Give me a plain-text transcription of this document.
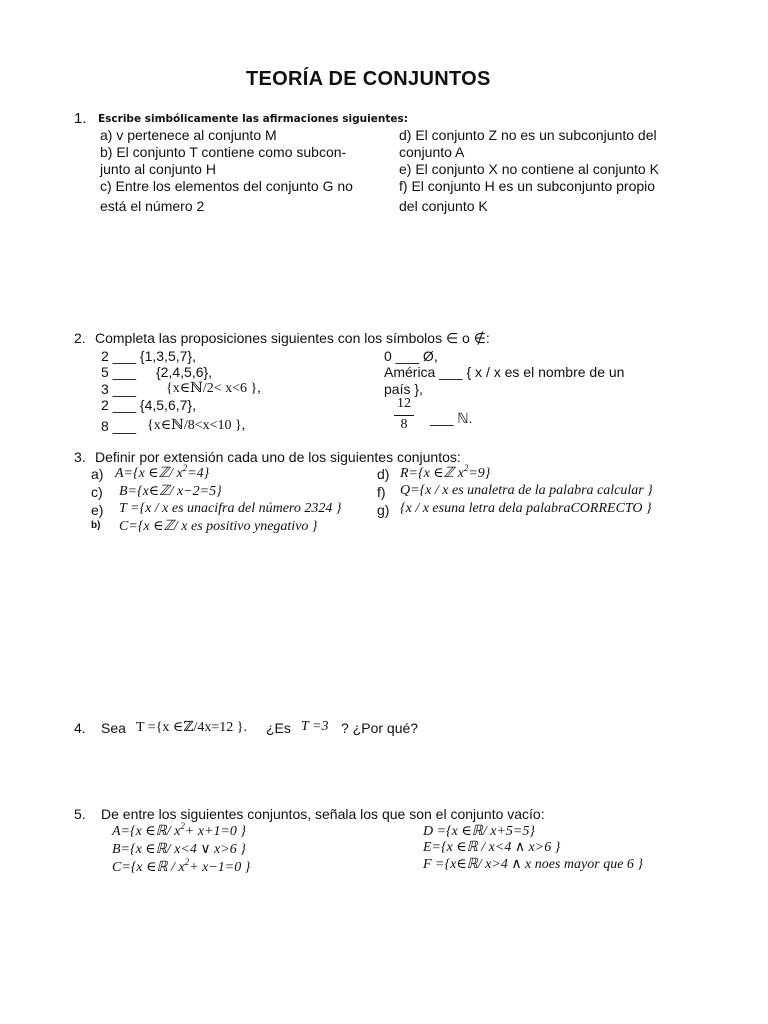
TEORÍA DE CONJUNTOS
1. Escribe simbólicamente las afirmaciones siguientes:
a) v pertenece al conjunto M
b) El conjunto T contiene como subcon-
junto al conjunto H
c) Entre los elementos del conjunto G no
está el número 2
d) El conjunto Z no es un subconjunto del
conjunto A
e) El conjunto X no contiene al conjunto K
f) El conjunto H es un subconjunto propio
del conjunto K
2. Completa las proposiciones siguientes con los símbolos ∈ o ∉:
2 ___ {1,3,5,7},
5 ___ {2,4,5,6},
3 ___ {x∈ℕ/2< x<6 },
2 ___ {4,5,6,7},
8 ___ {x∈ℕ/8<x<10 },
0 ___ Ø,
América ___ { x / x es el nombre de un
país },
12
8	___ ℕ.
3. Definir por extensión cada uno de los siguientes conjuntos:
a) A={x ∈ℤ/ $x^2=4$}
c) B={x∈ℤ/ x−2=5}
e) T ={x / x es unacifra del número 2324 }
b) C={x ∈ℤ/ x es positivo ynegativo }
d) R={x ∈ℤ $x^2=9$}
f) Q={x / x es unaletra de la palabra calcular }
g) {x / x esuna letra dela palabraCORRECTO }
4. Sea T ={x ∈ℤ/4x=12 }. ¿Es T =3 ? ¿Por qué?
5. De entre los siguientes conjuntos, señala los que son el conjunto vacío:
A={x ∈ℝ/ $x^2+ x+1=0$ }
B={x ∈ℝ/ x<4 ∨ x>6 }
C={x ∈ℝ / $x^2+ x-1=0$ }
D ={x ∈ℝ/ x+5=5}
E={x ∈ℝ / x<4 ∧ x>6 }
F ={x∈ℝ/ x>4 ∧ x noes mayor que 6 }
